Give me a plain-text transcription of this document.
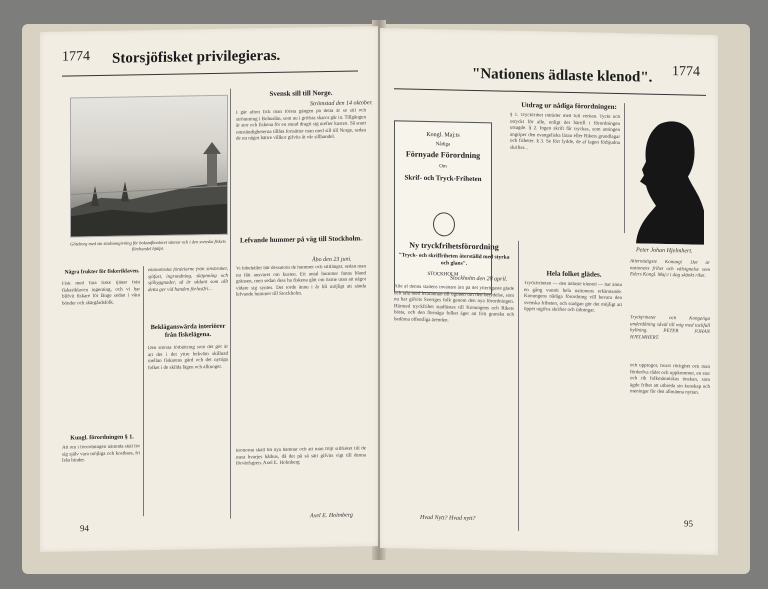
1774 Storsjöfisket privilegieras.
Göteborg med sin stadsomgivning för bokstafkontoret sännar och i den svenska fiskets förehandel hjälpt.
Svensk sill till Norge.
Strömstad den 14 oktober.
I går afton fick man första gången på detta år se sill och strömming i Bohuslän, som nu i gröfsta skaror går in. Tillgången är stor och fiskena för en stund dragit sig utefter kusten. Så snart omständigheterna tillåta fortsätter man med sill till Norge, sedan de nu något bättre villkor gifvits åt vår sillhandel.
Lefvande hummer på väg till Stockholm.
Åbo den 23 juni.
Vi bibehåller här dessutom de hummer och sillfångst, sedan man nu fått ansvaret om kusten. Ett antal hummer fanns bland gränsen, men sedan dess ha fiskena gått om öarne utan att något vidare sig syntes. Det torde ännu i år bli möjligt att sända lefvande hummer till Stockholm.
kronorna skall bli nya hamnar och att man följt sillfisket till de mest hvarjes båthus, då det på så sätt gifvits vigt till denna förvärfsgren. Axel E. Holmberg
Axel E. Holmberg
Några frukter för fiskeriklaven.
Fisk med fina fiske tjänar från fiskeriklaven ingenting, och vi har blifvit fiskare för länge sedan i våra bönder och skärgårdsfolk.
Kungl. förordningen § 1.
Att om i förordningen nämnda skäl för sig själv vara möjliga och kostbara, fri från hinder.
ekonomiska fördelarne från sinsbruket, sjöfart, ingrundning, sköpnning och sjöbyggnader, så är sådant som allt detta ger vid handen förlustfri...
Bekläganswärda interiörer från fiskelägena.
Den största förbättring som det gör är att det i det yttre bekväm skillnad mellan fiskarens gård och det nyttiga folket i de skilda lägen och allmoger.
94
"Nationens ädlaste klenod". 1774
Kongl. Maj:ts
Nådiga
Förnyade Förordning
Om
Skrif- och Tryck-Friheten
STOCKHOLM
Utdrag ur nådiga förordningen:
§ 1. Tryckfrihet inträder med full verkan. Tyckt och otryckt för alle, enligt det härtill i förordningen utsagde. § 2. Ingen skrift får tryckas, som antingen angriper den evangeliska läran eller Rikets grundlagar och friheter. § 3. Se förr lydde, de af lagen förbjudna skrifter...
Ny tryckfrihetsförordning
"Tryck- och skriffriheten återställd med styrka och glans".
Stockholm den 28 april.
Alle af denna stadens invånare äro på det ytterligaste glade och tala med hvarannan till ögonen om den betydelse, som nu har gifvits Sveriges folk genom den nya förordningen. Härmed tryckfrihet stadfästes till Konungens och Rikets bästa, och den förmåga folket äger att fritt granska och bedöma offentliga ärenden.
Hvad Nytt? Hvad nytt?
Hela folket glädes.
Tryckfriheten — den ädlaste klenod — har ännu en gång vunnit hela nationens erkännande. Konungens nådiga förordning vill bevara den svenska friheten, och stadgan gör det möjligt att öppet utgifva skrifter och tidningar.
Peter Johan Hjelmhert.
Allernådigste Konung! Det är nationens frihet och välsignelse som Eders Kongl. Maj:t i dag skänkt riket.
Tryckfriheter och Kongeliga underdåning såväl till mig med tackfull hyllning. PETER JOHAN HJELMHERT.
och upptogor, hvars rörlighet ock man förderfva rådet och uppkommer, en stor och rik folkmänniskas önskan, som ägde frihet att utbreda sin kunskap och meningar för den allmänna nyttan.
95
